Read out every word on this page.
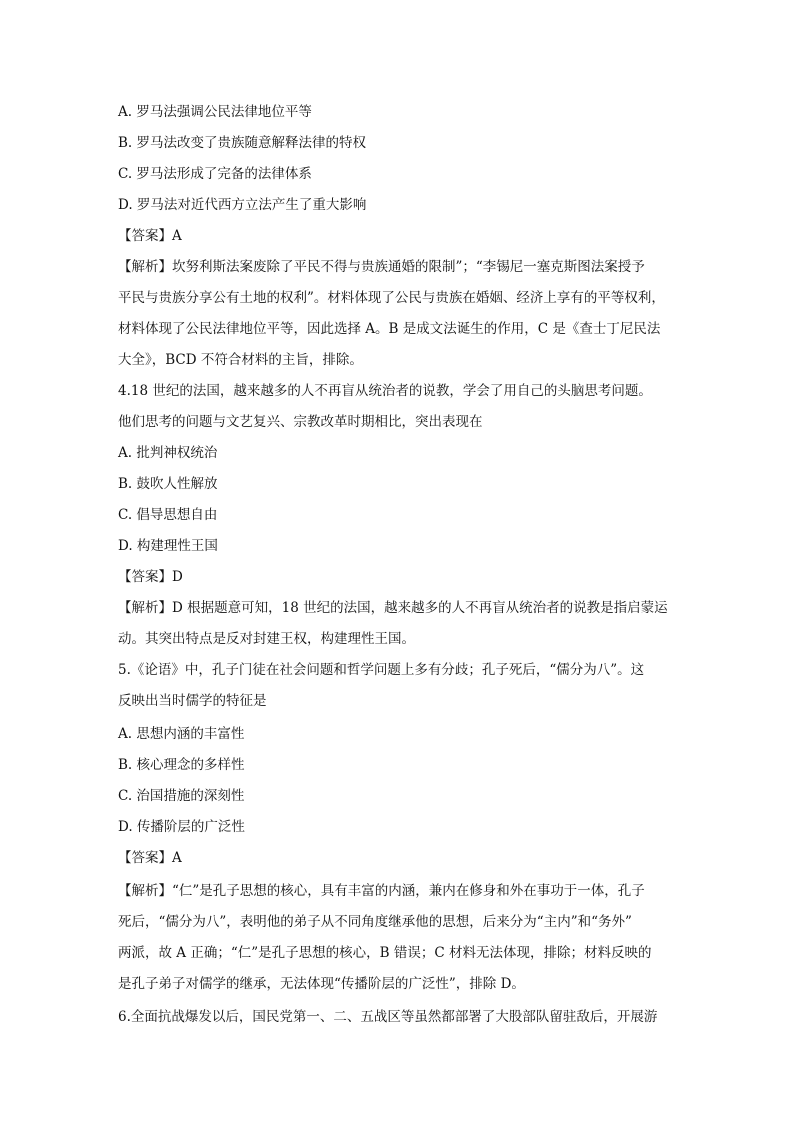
A. 罗马法强调公民法律地位平等
B. 罗马法改变了贵族随意解释法律的特权
C. 罗马法形成了完备的法律体系
D. 罗马法对近代西方立法产生了重大影响
【答案】A
【解析】坎努利斯法案废除了平民不得与贵族通婚的限制”；“李锡尼一塞克斯图法案授予
平民与贵族分享公有土地的权利”。材料体现了公民与贵族在婚姻、经济上享有的平等权利，
材料体现了公民法律地位平等，因此选择 A。B 是成文法诞生的作用，C 是《查士丁尼民法
大全》，BCD 不符合材料的主旨，排除。
4.18 世纪的法国，越来越多的人不再盲从统治者的说教，学会了用自己的头脑思考问题。
他们思考的问题与文艺复兴、宗教改革时期相比，突出表现在
A. 批判神权统治
B. 鼓吹人性解放
C. 倡导思想自由
D. 构建理性王国
【答案】D
【解析】D 根据题意可知，18 世纪的法国，越来越多的人不再盲从统治者的说教是指启蒙运
动。其突出特点是反对封建王权，构建理性王国。
5.《论语》中，孔子门徒在社会问题和哲学问题上多有分歧；孔子死后，“儒分为八”。这
反映出当时儒学的特征是
A. 思想内涵的丰富性
B. 核心理念的多样性
C. 治国措施的深刻性
D. 传播阶层的广泛性
【答案】A
【解析】“仁”是孔子思想的核心，具有丰富的内涵，兼内在修身和外在事功于一体，孔子
死后，“儒分为八”，表明他的弟子从不同角度继承他的思想，后来分为“主内”和“务外”
两派，故 A 正确；“仁”是孔子思想的核心，B 错误；C 材料无法体现，排除；材料反映的
是孔子弟子对儒学的继承，无法体现“传播阶层的广泛性”，排除 D。
6.全面抗战爆发以后，国民党第一、二、五战区等虽然都部署了大股部队留驻敌后，开展游
